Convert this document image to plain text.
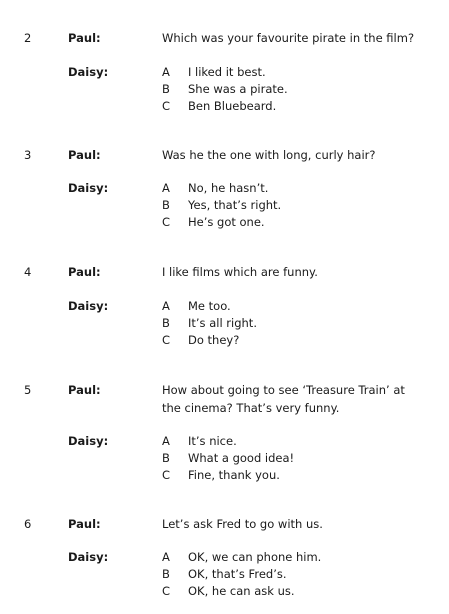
2	Paul:	Which was your favourite pirate in the film?
Daisy:	A I liked it best.
B She was a pirate.
C Ben Bluebeard.
3	Paul:	Was he the one with long, curly hair?
Daisy:	A No, he hasn’t.
B Yes, that’s right.
C He’s got one.
4	Paul:	I like films which are funny.
Daisy:	A Me too.
B It’s all right.
C Do they?
5	Paul:	How about going to see ‘Treasure Train’ at the cinema? That’s very funny.
Daisy:	A It’s nice.
B What a good idea!
C Fine, thank you.
6	Paul:	Let’s ask Fred to go with us.
Daisy:	A OK, we can phone him.
B OK, that’s Fred’s.
C OK, he can ask us.
